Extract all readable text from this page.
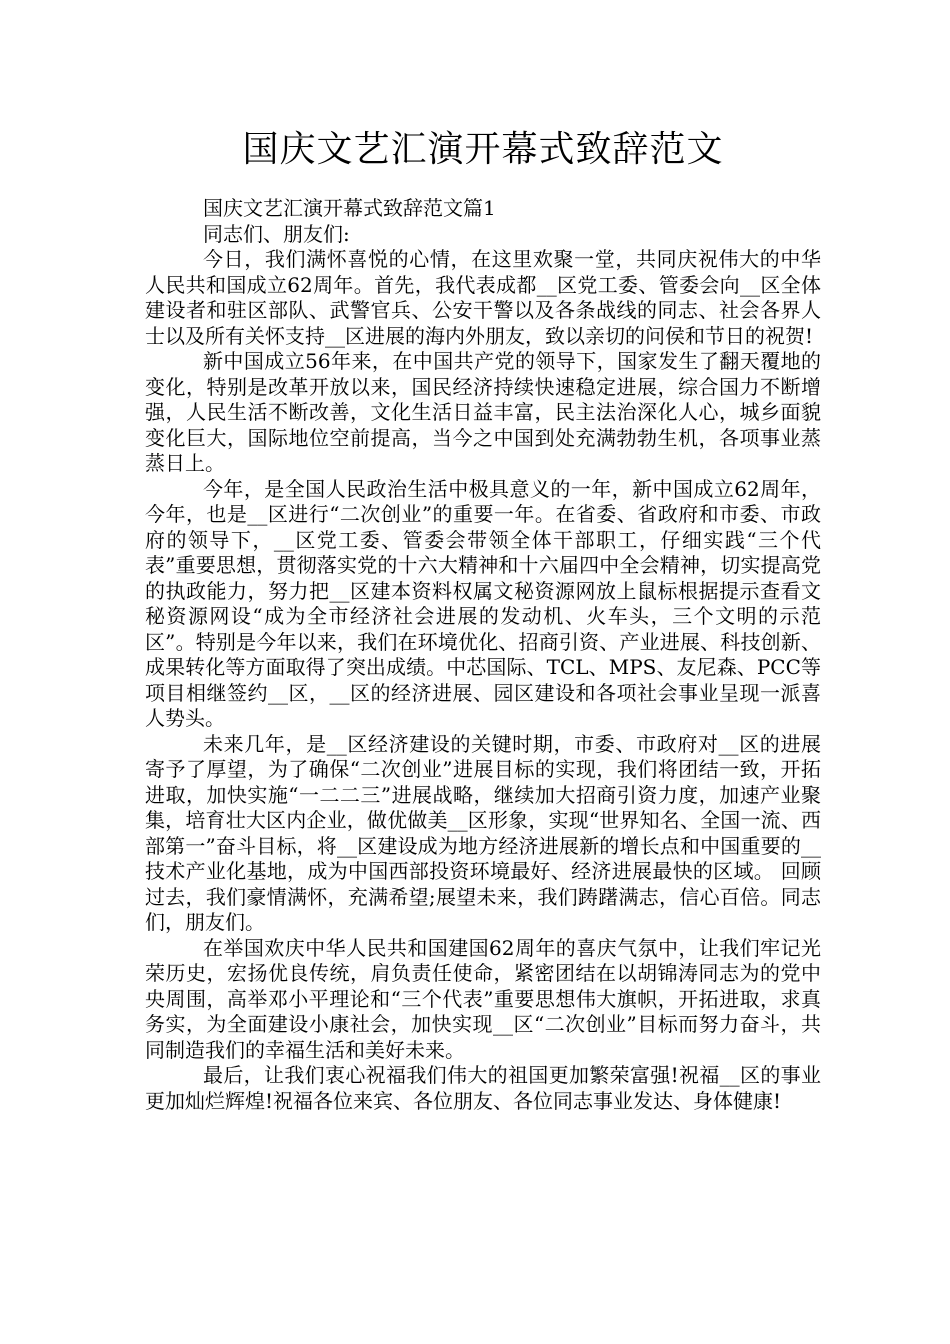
国庆文艺汇演开幕式致辞范文

国庆文艺汇演开幕式致辞范文篇1

同志们、朋友们:

今日，我们满怀喜悦的心情，在这里欢聚一堂，共同庆祝伟大的中华人民共和国成立62周年。首先，我代表成都__区党工委、管委会向__区全体建设者和驻区部队、武警官兵、公安干警以及各条战线的同志、社会各界人士以及所有关怀支持__区进展的海内外朋友，致以亲切的问侯和节日的祝贺!

新中国成立56年来，在中国共产党的领导下，国家发生了翻天覆地的变化，特别是改革开放以来，国民经济持续快速稳定进展，综合国力不断增强，人民生活不断改善，文化生活日益丰富，民主法治深化人心，城乡面貌变化巨大，国际地位空前提高，当今之中国到处充满勃勃生机，各项事业蒸蒸日上。

今年，是全国人民政治生活中极具意义的一年，新中国成立62周年，今年，也是__区进行“二次创业”的重要一年。在省委、省政府和市委、市政府的领导下，__区党工委、管委会带领全体干部职工，仔细实践“三个代表”重要思想，贯彻落实党的十六大精神和十六届四中全会精神，切实提高党的执政能力，努力把__区建本资料权属文秘资源网放上鼠标根据提示查看文秘资源网设“成为全市经济社会进展的发动机、火车头，三个文明的示范区”。特别是今年以来，我们在环境优化、招商引资、产业进展、科技创新、成果转化等方面取得了突出成绩。中芯国际、TCL、MPS、友尼森、PCC等项目相继签约__区，__区的经济进展、园区建设和各项社会事业呈现一派喜人势头。

未来几年，是__区经济建设的关键时期，市委、市政府对__区的进展寄予了厚望，为了确保“二次创业”进展目标的实现，我们将团结一致，开拓进取，加快实施“一二二三”进展战略，继续加大招商引资力度，加速产业聚集，培育壮大区内企业，做优做美__区形象，实现“世界知名、全国一流、西部第一”奋斗目标，将__区建设成为地方经济进展新的增长点和中国重要的__技术产业化基地，成为中国西部投资环境最好、经济进展最快的区域。 回顾过去，我们豪情满怀，充满希望;展望未来，我们踌躇满志，信心百倍。同志们，朋友们。

在举国欢庆中华人民共和国建国62周年的喜庆气氛中，让我们牢记光荣历史，宏扬优良传统，肩负责任使命，紧密团结在以胡锦涛同志为的党中央周围，高举邓小平理论和“三个代表”重要思想伟大旗帜，开拓进取，求真务实，为全面建设小康社会，加快实现__区“二次创业”目标而努力奋斗，共同制造我们的幸福生活和美好未来。

最后，让我们衷心祝福我们伟大的祖国更加繁荣富强!祝福__区的事业更加灿烂辉煌!祝福各位来宾、各位朋友、各位同志事业发达、身体健康!
